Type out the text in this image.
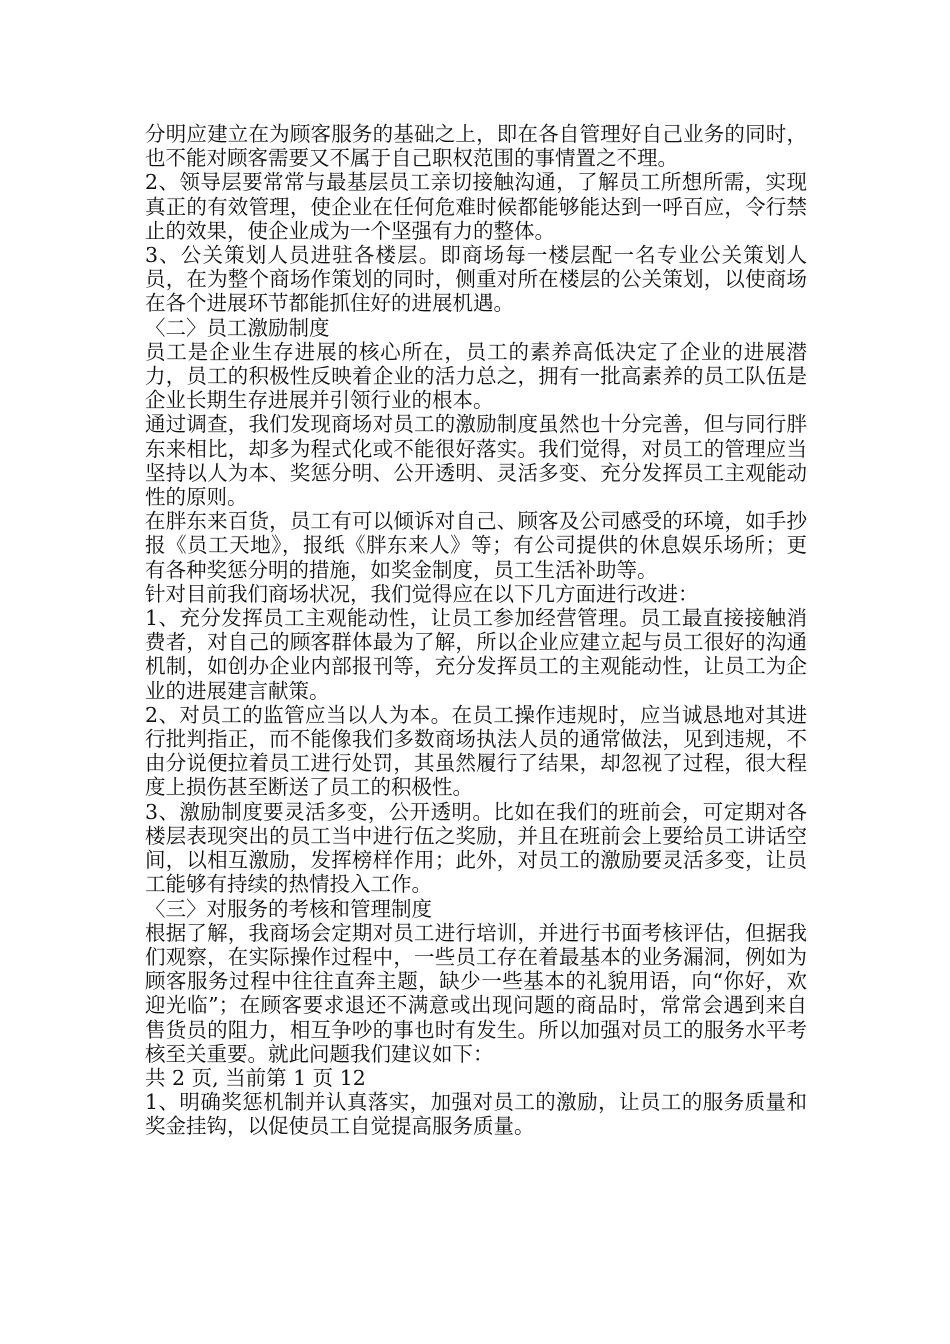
分明应建立在为顾客服务的基础之上，即在各自管理好自己业务的同时，也不能对顾客需要又不属于自己职权范围的事情置之不理。

2、领导层要常常与最基层员工亲切接触沟通，了解员工所想所需，实现真正的有效管理，使企业在任何危难时候都能够能达到一呼百应，令行禁止的效果，使企业成为一个坚强有力的整体。

3、公关策划人员进驻各楼层。即商场每一楼层配一名专业公关策划人员，在为整个商场作策划的同时，侧重对所在楼层的公关策划，以使商场在各个进展环节都能抓住好的进展机遇。

〈二〉员工激励制度

员工是企业生存进展的核心所在，员工的素养高低决定了企业的进展潜力，员工的积极性反映着企业的活力总之，拥有一批高素养的员工队伍是企业长期生存进展并引领行业的根本。

通过调查，我们发现商场对员工的激励制度虽然也十分完善，但与同行胖东来相比，却多为程式化或不能很好落实。我们觉得，对员工的管理应当坚持以人为本、奖惩分明、公开透明、灵活多变、充分发挥员工主观能动性的原则。

在胖东来百货，员工有可以倾诉对自己、顾客及公司感受的环境，如手抄报《员工天地》，报纸《胖东来人》等；有公司提供的休息娱乐场所；更有各种奖惩分明的措施，如奖金制度，员工生活补助等。

针对目前我们商场状况，我们觉得应在以下几方面进行改进：

1、充分发挥员工主观能动性，让员工参加经营管理。员工最直接接触消费者，对自己的顾客群体最为了解，所以企业应建立起与员工很好的沟通机制，如创办企业内部报刊等，充分发挥员工的主观能动性，让员工为企业的进展建言献策。

2、对员工的监管应当以人为本。在员工操作违规时，应当诚恳地对其进行批判指正，而不能像我们多数商场执法人员的通常做法，见到违规，不由分说便拉着员工进行处罚，其虽然履行了结果，却忽视了过程，很大程度上损伤甚至断送了员工的积极性。

3、激励制度要灵活多变，公开透明。比如在我们的班前会，可定期对各楼层表现突出的员工当中进行伍之奖励，并且在班前会上要给员工讲话空间，以相互激励，发挥榜样作用；此外，对员工的激励要灵活多变，让员工能够有持续的热情投入工作。

〈三〉对服务的考核和管理制度

根据了解，我商场会定期对员工进行培训，并进行书面考核评估，但据我们观察，在实际操作过程中，一些员工存在着最基本的业务漏洞，例如为顾客服务过程中往往直奔主题，缺少一些基本的礼貌用语，向“你好，欢迎光临”；在顾客要求退还不满意或出现问题的商品时，常常会遇到来自售货员的阻力，相互争吵的事也时有发生。所以加强对员工的服务水平考核至关重要。就此问题我们建议如下：

共 2 页, 当前第 1 页 12

1、明确奖惩机制并认真落实，加强对员工的激励，让员工的服务质量和奖金挂钩，以促使员工自觉提高服务质量。
